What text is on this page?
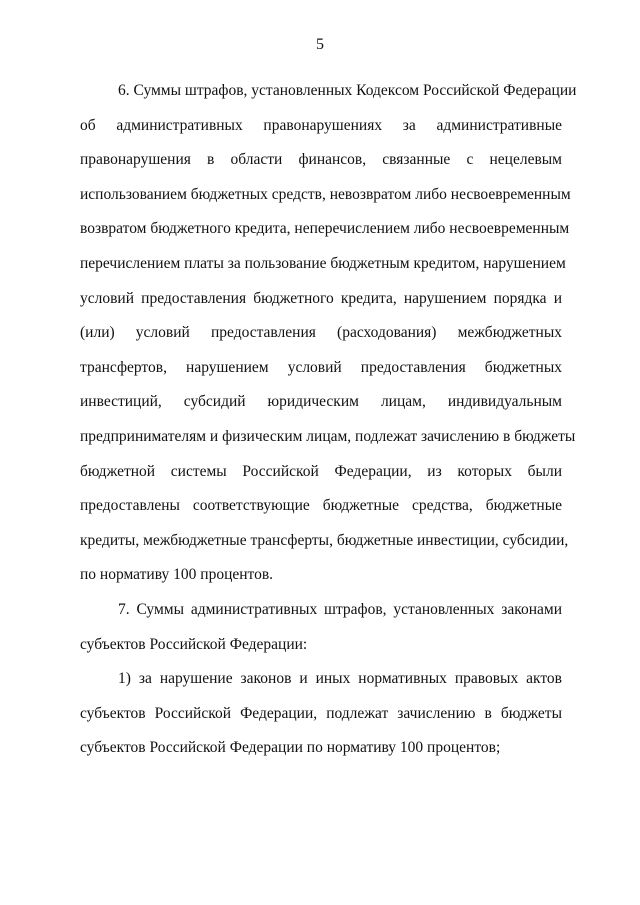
5

6. Суммы штрафов, установленных Кодексом Российской Федерации
об административных правонарушениях за административные
правонарушения в области финансов, связанные с нецелевым
использованием бюджетных средств, невозвратом либо несвоевременным
возвратом бюджетного кредита, неперечислением либо несвоевременным
перечислением платы за пользование бюджетным кредитом, нарушением
условий предоставления бюджетного кредита, нарушением порядка и
(или) условий предоставления (расходования) межбюджетных
трансфертов, нарушением условий предоставления бюджетных
инвестиций, субсидий юридическим лицам, индивидуальным
предпринимателям и физическим лицам, подлежат зачислению в бюджеты
бюджетной системы Российской Федерации, из которых были
предоставлены соответствующие бюджетные средства, бюджетные
кредиты, межбюджетные трансферты, бюджетные инвестиции, субсидии,
по нормативу 100 процентов.

7. Суммы административных штрафов, установленных законами
субъектов Российской Федерации:

1) за нарушение законов и иных нормативных правовых актов
субъектов Российской Федерации, подлежат зачислению в бюджеты
субъектов Российской Федерации по нормативу 100 процентов;
